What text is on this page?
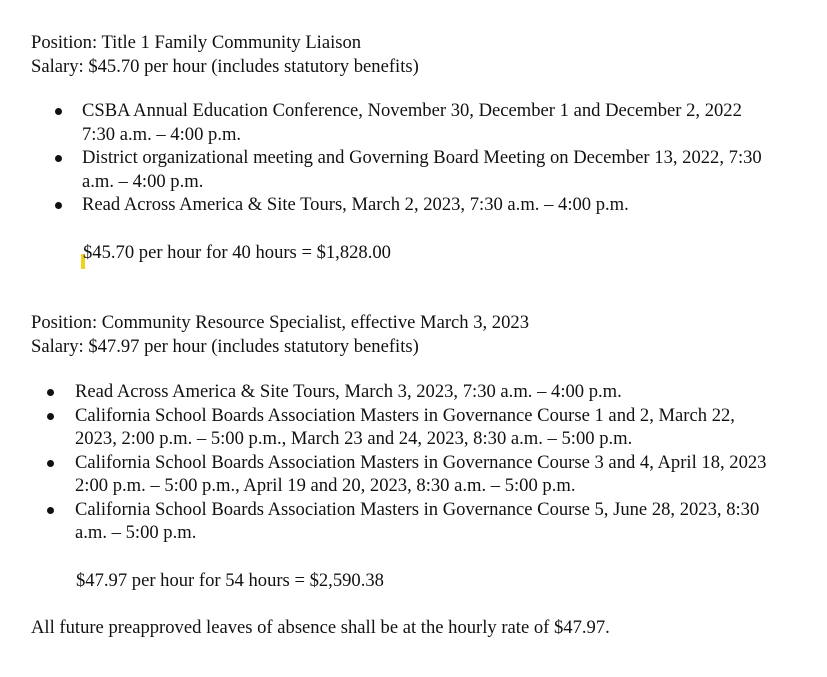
Position: Title 1 Family Community Liaison
Salary: $45.70 per hour (includes statutory benefits)
CSBA Annual Education Conference, November 30, December 1 and December 2, 2022
7:30 a.m. – 4:00 p.m.
District organizational meeting and Governing Board Meeting on December 13, 2022, 7:30
a.m. – 4:00 p.m.
Read Across America & Site Tours, March 2, 2023, 7:30 a.m. – 4:00 p.m.
$45.70 per hour for 40 hours = $1,828.00
Position: Community Resource Specialist, effective March 3, 2023
Salary: $47.97 per hour (includes statutory benefits)
Read Across America & Site Tours, March 3, 2023, 7:30 a.m. – 4:00 p.m.
California School Boards Association Masters in Governance Course 1 and 2, March 22,
2023, 2:00 p.m. – 5:00 p.m., March 23 and 24, 2023, 8:30 a.m. – 5:00 p.m.
California School Boards Association Masters in Governance Course 3 and 4, April 18, 2023
2:00 p.m. – 5:00 p.m., April 19 and 20, 2023, 8:30 a.m. – 5:00 p.m.
California School Boards Association Masters in Governance Course 5, June 28, 2023, 8:30
a.m. – 5:00 p.m.
$47.97 per hour for 54 hours = $2,590.38
All future preapproved leaves of absence shall be at the hourly rate of $47.97.
